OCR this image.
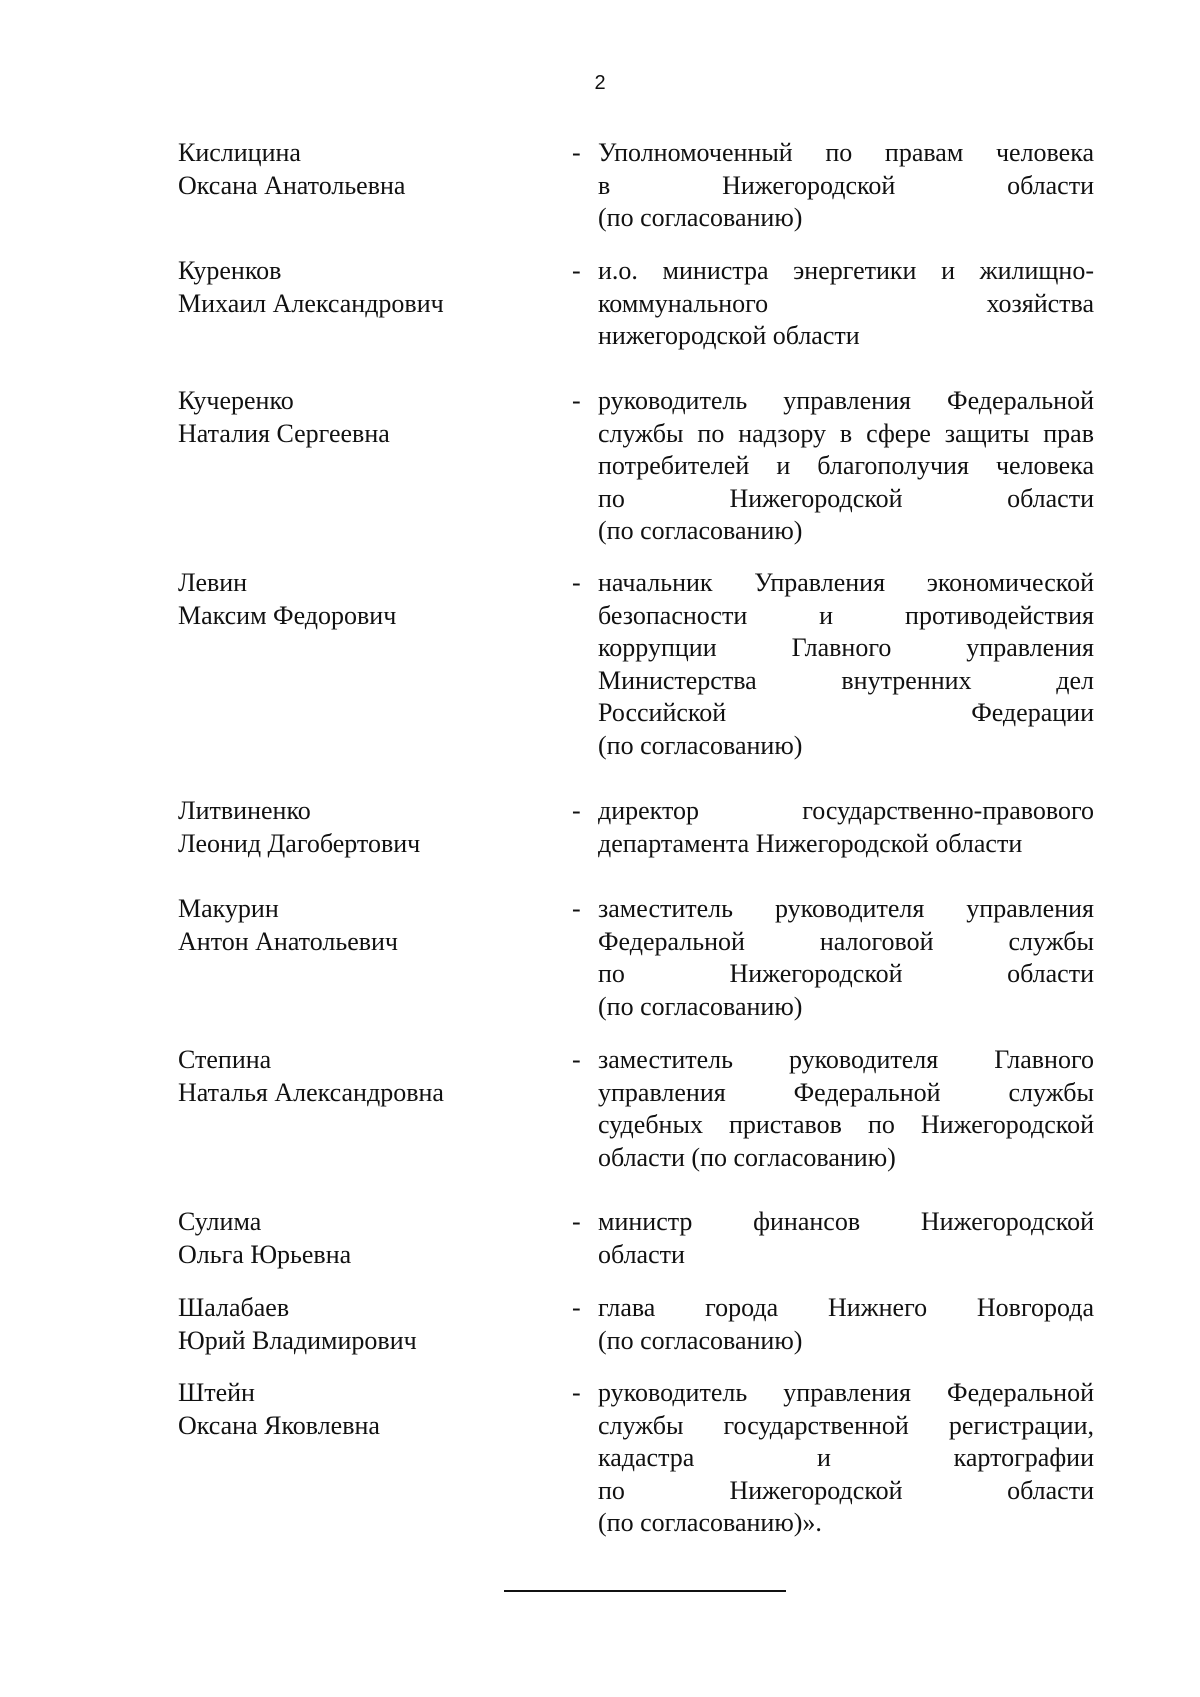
2
Кислицина
Оксана Анатольевна
- Уполномоченный по правам человека
в Нижегородской области
(по согласованию)
Куренков
Михаил Александрович
- и.о. министра энергетики и жилищно-
коммунального хозяйства
нижегородской области
Кучеренко
Наталия Сергеевна
- руководитель управления Федеральной
службы по надзору в сфере защиты прав
потребителей и благополучия человека
по Нижегородской области
(по согласованию)
Левин
Максим Федорович
- начальник Управления экономической
безопасности и противодействия
коррупции Главного управления
Министерства внутренних дел
Российской Федерации
(по согласованию)
Литвиненко
Леонид Дагобертович
- директор государственно-правового
департамента Нижегородской области
Макурин
Антон Анатольевич
- заместитель руководителя управления
Федеральной налоговой службы
по Нижегородской области
(по согласованию)
Степина
Наталья Александровна
- заместитель руководителя Главного
управления Федеральной службы
судебных приставов по Нижегородской
области (по согласованию)
Сулима
Ольга Юрьевна
- министр финансов Нижегородской
области
Шалабаев
Юрий Владимирович
- глава города Нижнего Новгорода
(по согласованию)
Штейн
Оксана Яковлевна
- руководитель управления Федеральной
службы государственной регистрации,
кадастра и картографии
по Нижегородской области
(по согласованию)».
